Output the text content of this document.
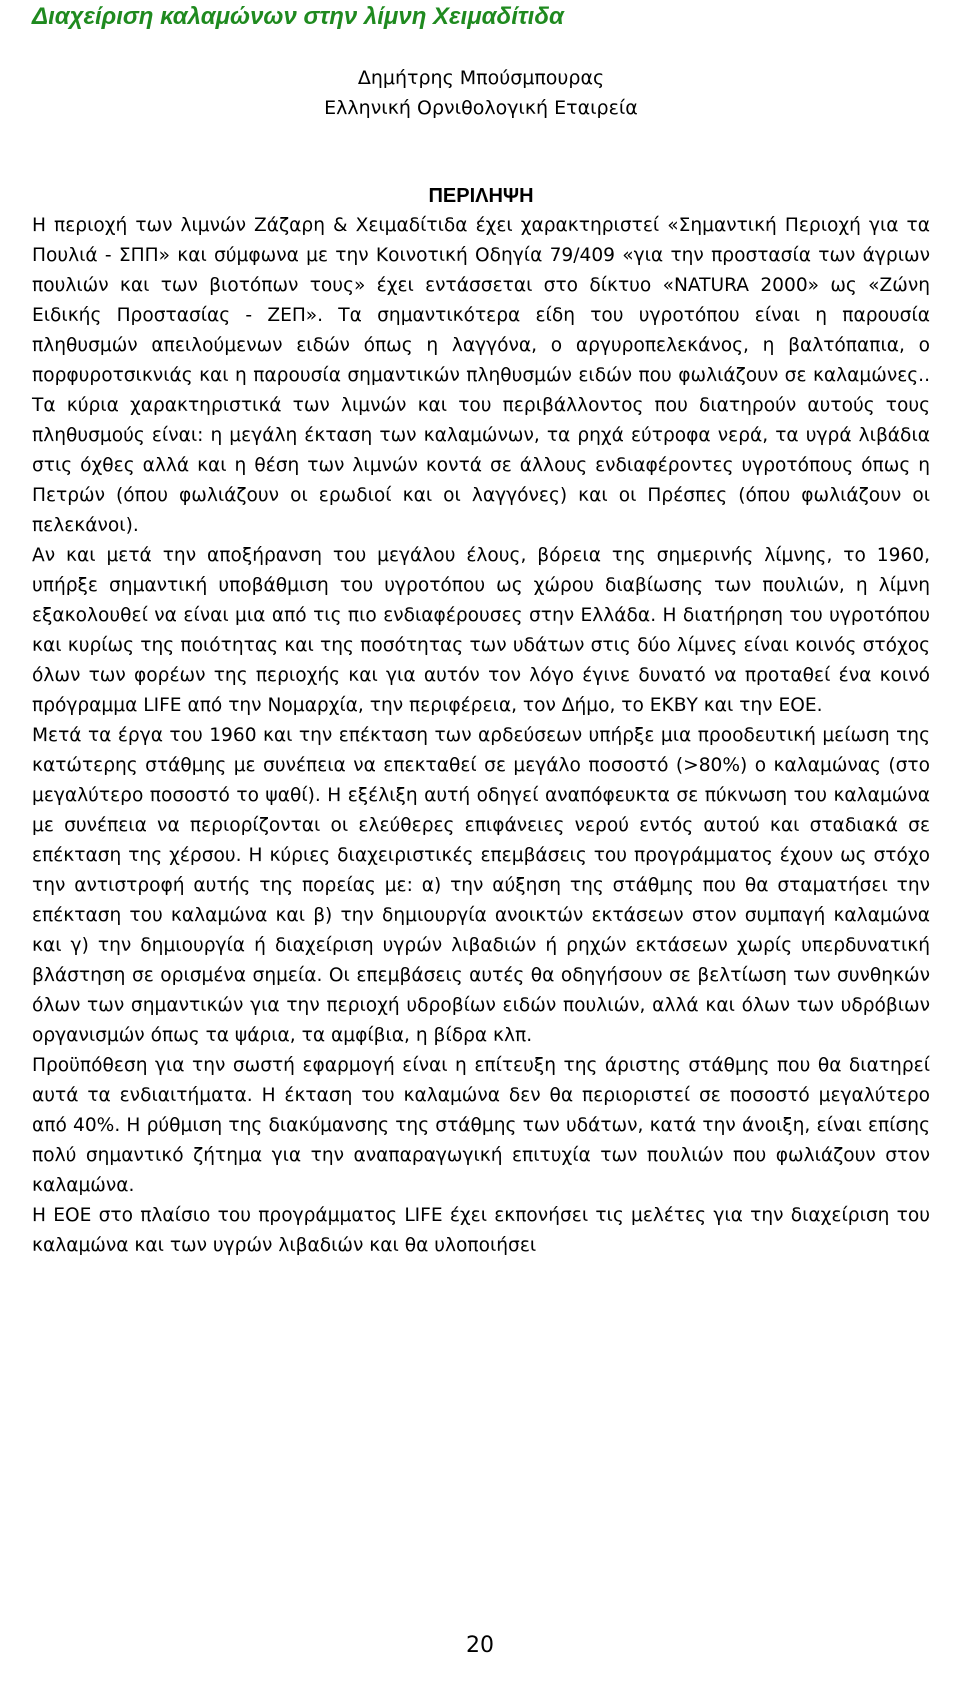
Διαχείριση καλαμώνων στην λίμνη Χειμαδίτιδα

Δημήτρης Μπούσμπουρας

Ελληνική Ορνιθολογική Εταιρεία

ΠΕΡΙΛΗΨΗ

Η περιοχή των λιμνών Ζάζαρη & Χειμαδίτιδα έχει χαρακτηριστεί «Σημαντική Περιοχή για τα Πουλιά - ΣΠΠ» και σύμφωνα με την Κοινοτική Οδηγία 79/409 «για την προστασία των άγριων πουλιών και των βιοτόπων τους» έχει εντάσσεται στο δίκτυο «NATURA 2000» ως «Ζώνη Ειδικής Προστασίας - ΖΕΠ». Τα σημαντικότερα είδη του υγροτόπου είναι η παρουσία πληθυσμών απειλούμενων ειδών όπως η λαγγόνα, ο αργυροπελεκάνος, η βαλτόπαπια, ο πορφυροτσικνιάς και η παρουσία σημαντικών πληθυσμών ειδών που φωλιάζουν σε καλαμώνες.. Τα κύρια χαρακτηριστικά των λιμνών και του περιβάλλοντος που διατηρούν αυτούς τους πληθυσμούς είναι: η μεγάλη έκταση των καλαμώνων, τα ρηχά εύτροφα νερά, τα υγρά λιβάδια στις όχθες αλλά και η θέση των λιμνών κοντά σε άλλους ενδιαφέροντες υγροτόπους όπως η Πετρών (όπου φωλιάζουν οι ερωδιοί και οι λαγγόνες) και οι Πρέσπες (όπου φωλιάζουν οι πελεκάνοι).

Αν και μετά την αποξήρανση του μεγάλου έλους, βόρεια της σημερινής λίμνης, το 1960, υπήρξε σημαντική υποβάθμιση του υγροτόπου ως χώρου διαβίωσης των πουλιών, η λίμνη εξακολουθεί να είναι μια από τις πιο ενδιαφέρουσες στην Ελλάδα. Η διατήρηση του υγροτόπου και κυρίως της ποιότητας και της ποσότητας των υδάτων στις δύο λίμνες είναι κοινός στόχος όλων των φορέων της περιοχής και για αυτόν τον λόγο έγινε δυνατό να προταθεί ένα κοινό πρόγραμμα LIFE από την Νομαρχία, την περιφέρεια, τον Δήμο, το ΕΚΒΥ και την ΕΟΕ.

Μετά τα έργα του 1960 και την επέκταση των αρδεύσεων υπήρξε μια προοδευτική μείωση της κατώτερης στάθμης με συνέπεια να επεκταθεί σε μεγάλο ποσοστό (>80%) ο καλαμώνας (στο μεγαλύτερο ποσοστό το ψαθί). Η εξέλιξη αυτή οδηγεί αναπόφευκτα σε πύκνωση του καλαμώνα με συνέπεια να περιορίζονται οι ελεύθερες επιφάνειες νερού εντός αυτού και σταδιακά σε επέκταση της χέρσου. Η κύριες διαχειριστικές επεμβάσεις του προγράμματος έχουν ως στόχο την αντιστροφή αυτής της πορείας με: α) την αύξηση της στάθμης που θα σταματήσει την επέκταση του καλαμώνα και β) την δημιουργία ανοικτών εκτάσεων στον συμπαγή καλαμώνα και γ) την δημιουργία ή διαχείριση υγρών λιβαδιών ή ρηχών εκτάσεων χωρίς υπερδυνατική βλάστηση σε ορισμένα σημεία. Οι επεμβάσεις αυτές θα οδηγήσουν σε βελτίωση των συνθηκών όλων των σημαντικών για την περιοχή υδροβίων ειδών πουλιών, αλλά και όλων των υδρόβιων οργανισμών όπως τα ψάρια, τα αμφίβια, η βίδρα κλπ.

Προϋπόθεση για την σωστή εφαρμογή είναι η επίτευξη της άριστης στάθμης που θα διατηρεί αυτά τα ενδιαιτήματα. Η έκταση του καλαμώνα δεν θα περιοριστεί σε ποσοστό μεγαλύτερο από 40%. Η ρύθμιση της διακύμανσης της στάθμης των υδάτων, κατά την άνοιξη, είναι επίσης πολύ σημαντικό ζήτημα για την αναπαραγωγική επιτυχία των πουλιών που φωλιάζουν στον καλαμώνα.

Η ΕΟΕ στο πλαίσιο του προγράμματος LIFE έχει εκπονήσει τις μελέτες για την διαχείριση του καλαμώνα και των υγρών λιβαδιών και θα υλοποιήσει

20
